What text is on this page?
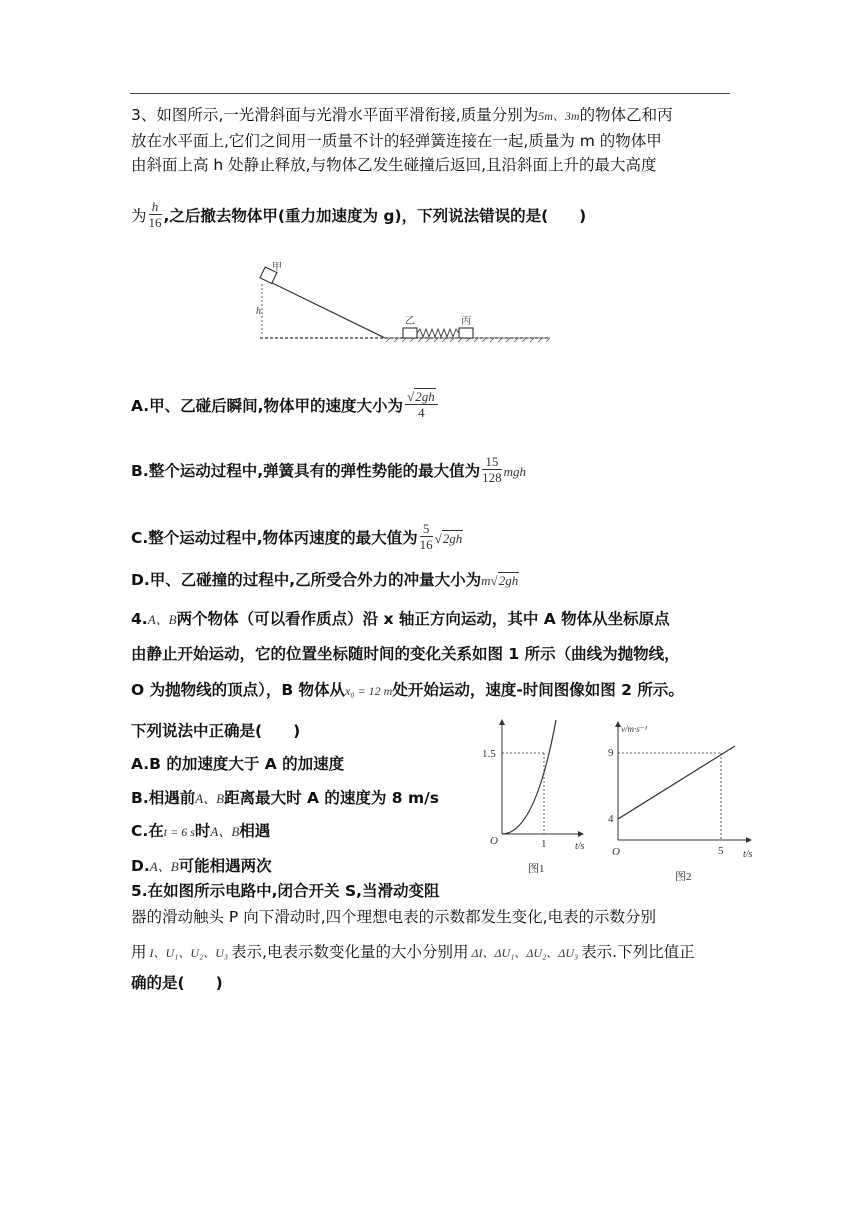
3、如图所示,一光滑斜面与光滑水平面平滑衔接,质量分别为5m、3m的物体乙和丙
放在水平面上,它们之间用一质量不计的轻弹簧连接在一起,质量为 m 的物体甲
由斜面上高 h 处静止释放,与物体乙发生碰撞后返回,且沿斜面上升的最大高度
为 $\frac{h}{16}$ ,之后撤去物体甲(重力加速度为 g)，下列说法错误的是(　　)
甲
h
乙	丙
A.甲、乙碰后瞬间,物体甲的速度大小为 $\frac{√2gh}{4}$
B.整个运动过程中,弹簧具有的弹性势能的最大值为 $\frac{15}{128}$ mgh
C.整个运动过程中,物体丙速度的最大值为 $\frac{5}{16} √2gh$
D.甲、乙碰撞的过程中,乙所受合外力的冲量大小为m√2gh
4.A、B两个物体（可以看作质点）沿 x 轴正方向运动，其中 A 物体从坐标原点
由静止开始运动，它的位置坐标随时间的变化关系如图 1 所示（曲线为抛物线，
O 为抛物线的顶点），B 物体从x₀ = 12 m处开始运动，速度-时间图像如图 2 所示。
下列说法中正确是(　　)
A.B 的加速度大于 A 的加速度
B.相遇前A、B距离最大时 A 的速度为 8 m/s
C.在t = 6 s时A、B相遇
D.A、B可能相遇两次
1.5
1
O	t/s
图1
v/m·s⁻¹
9
4
5
O	t/s
图2
5.在如图所示电路中,闭合开关 S,当滑动变阻
器的滑动触头 P 向下滑动时,四个理想电表的示数都发生变化,电表的示数分别
用 I、U₁、U₂、U₃ 表示,电表示数变化量的大小分别用 ΔI、ΔU₁、ΔU₂、ΔU₃ 表示.下列比值正
确的是(　　)
